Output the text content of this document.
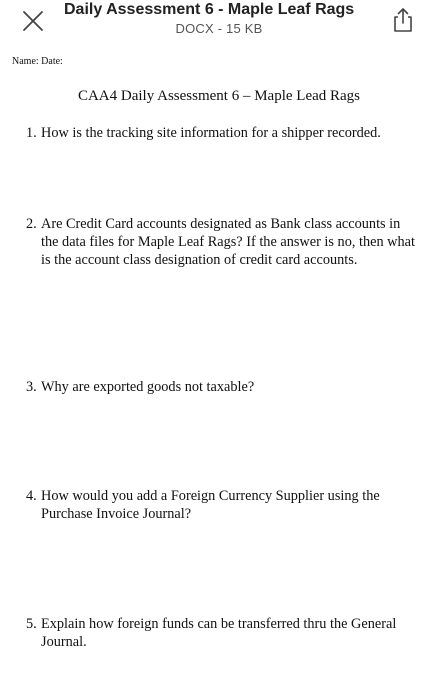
Daily Assessment 6 - Maple Leaf Rags
DOCX - 15 KB
Name: Date:
CAA4 Daily Assessment 6 – Maple Lead Rags
1. How is the tracking site information for a shipper recorded.
2. Are Credit Card accounts designated as Bank class accounts in the data files for Maple Leaf Rags? If the answer is no, then what is the account class designation of credit card accounts.
3. Why are exported goods not taxable?
4. How would you add a Foreign Currency Supplier using the Purchase Invoice Journal?
5. Explain how foreign funds can be transferred thru the General Journal.
